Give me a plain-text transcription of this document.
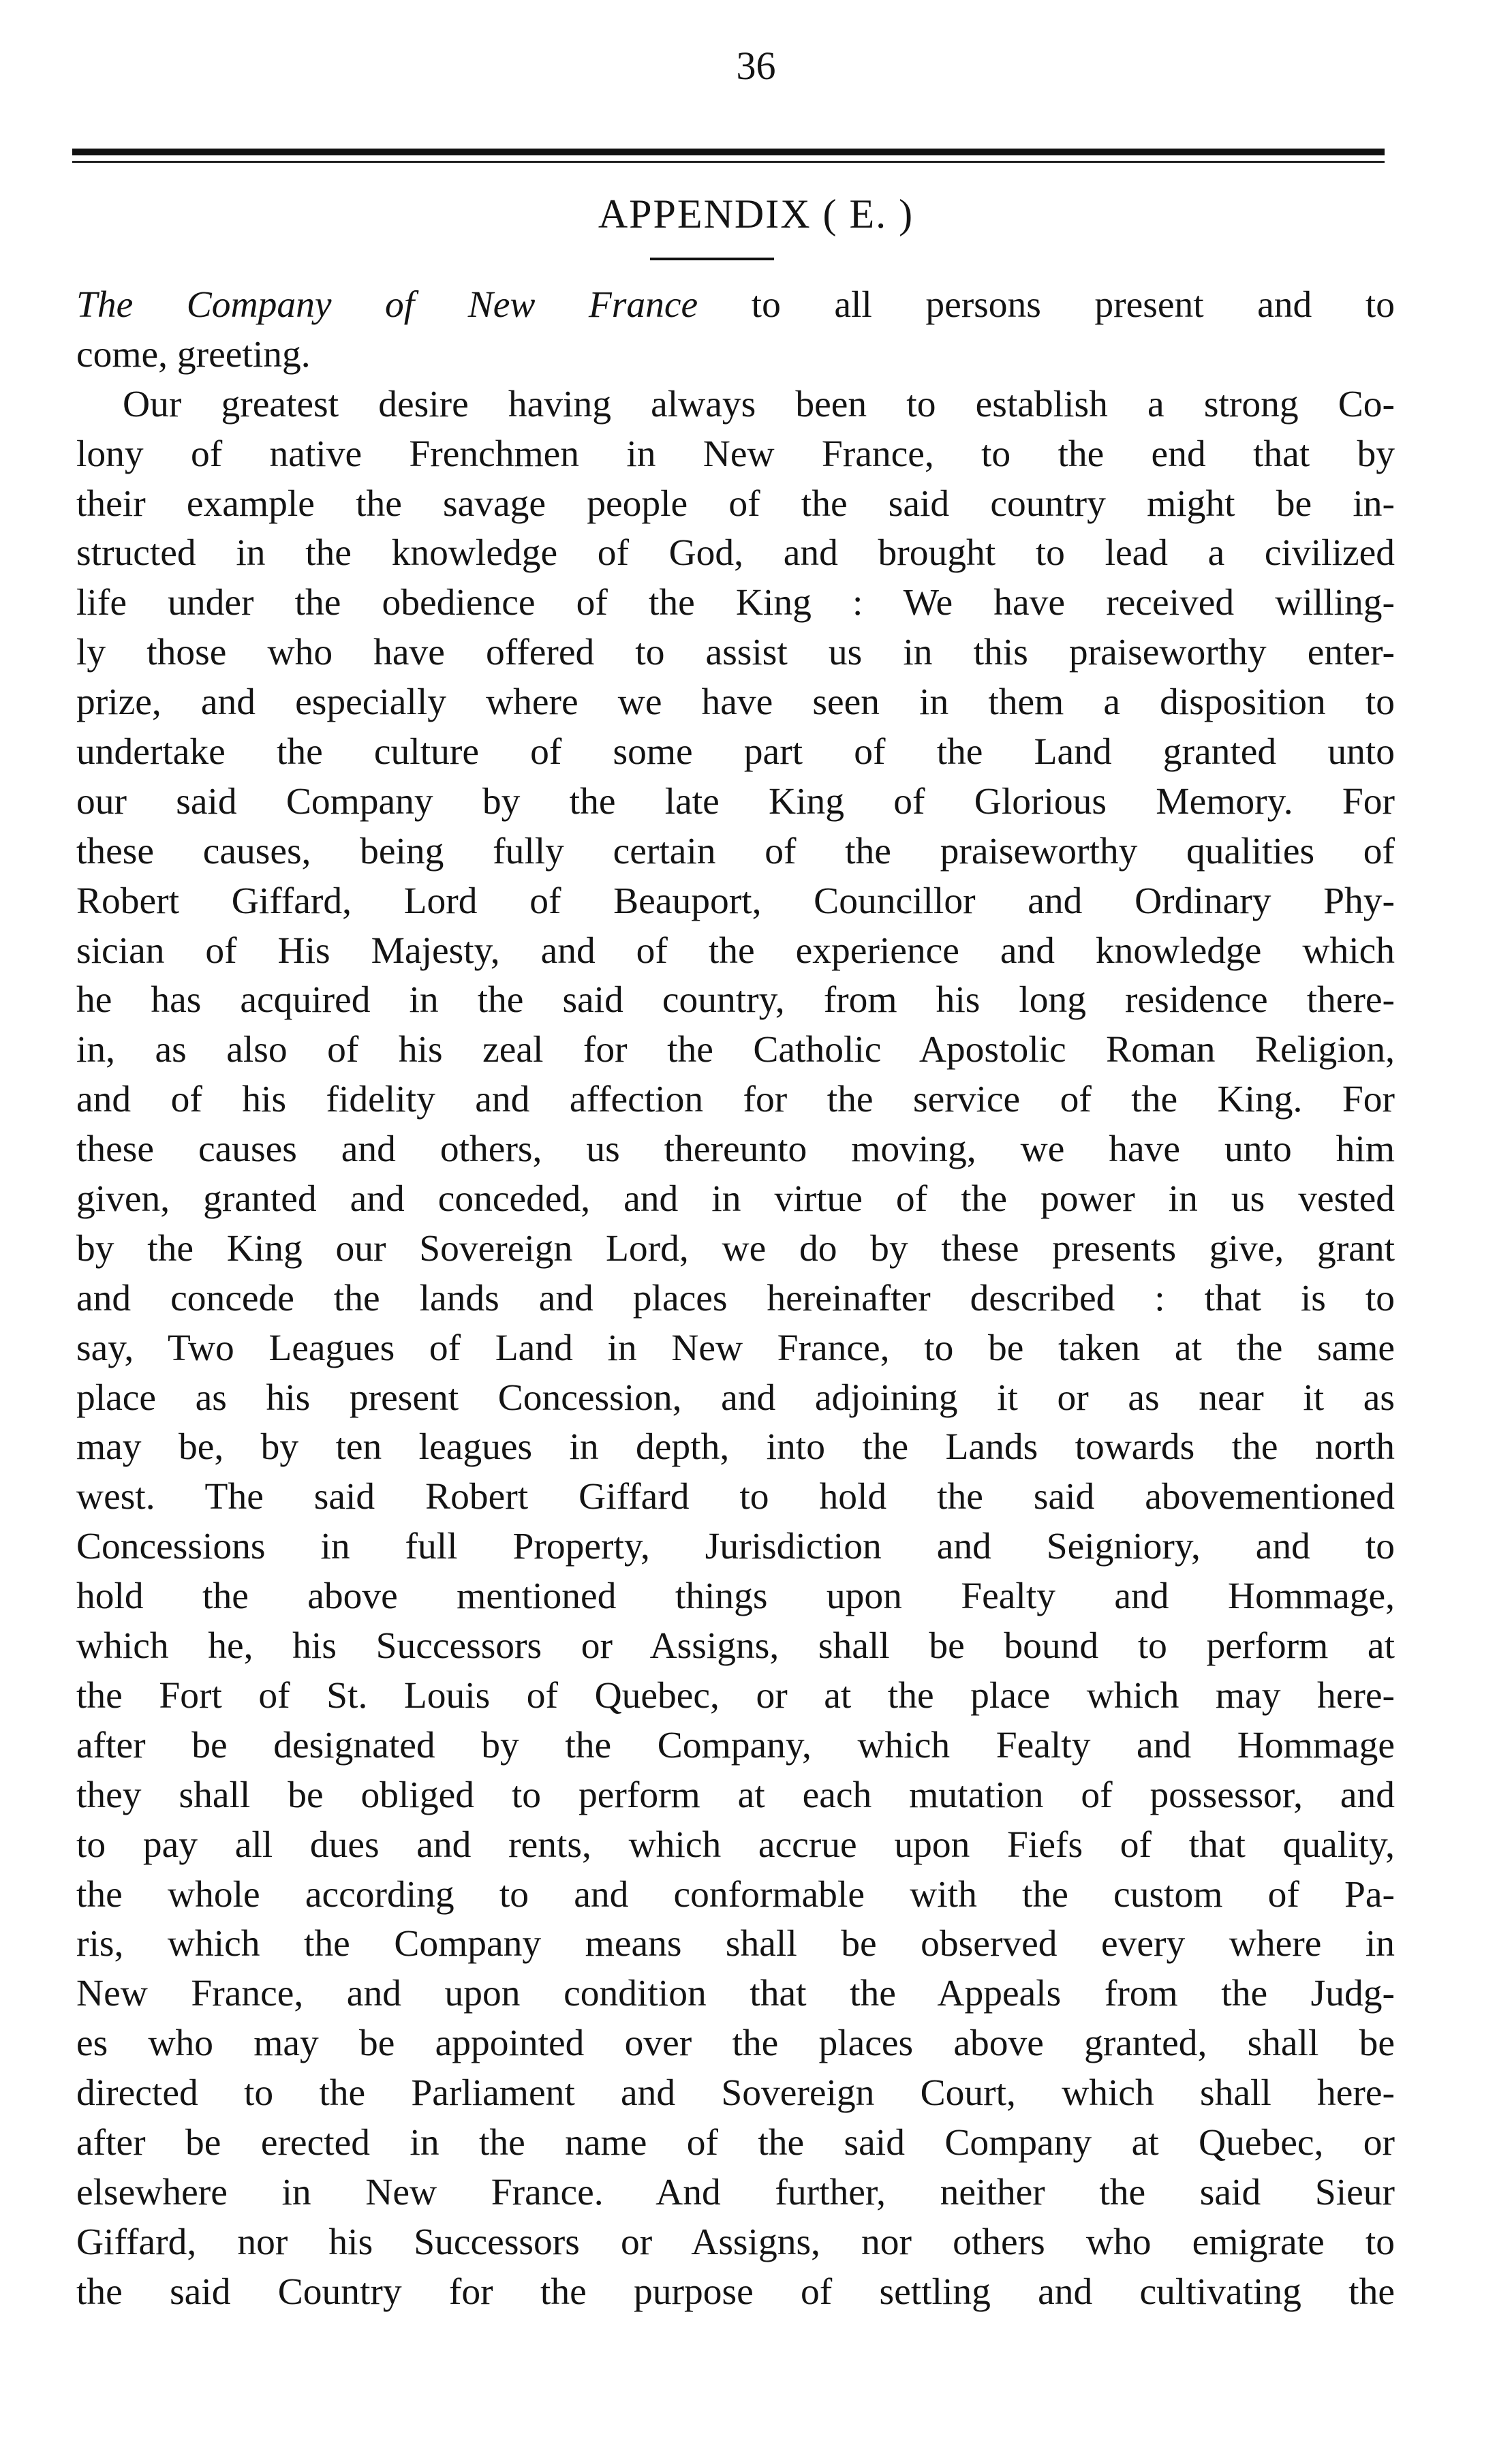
36
APPENDIX ( E. )
The Company of New France to all persons present and to
come, greeting.
Our greatest desire having always been to establish a strong Co-
lony of native Frenchmen in New France, to the end that by
their example the savage people of the said country might be in-
structed in the knowledge of God, and brought to lead a civilized
life under the obedience of the King : We have received willing-
ly those who have offered to assist us in this praiseworthy enter-
prize, and especially where we have seen in them a disposition to
undertake the culture of some part of the Land granted unto
our said Company by the late King of Glorious Memory. For
these causes, being fully certain of the praiseworthy qualities of
Robert Giffard, Lord of Beauport, Councillor and Ordinary Phy-
sician of His Majesty, and of the experience and knowledge which
he has acquired in the said country, from his long residence there-
in, as also of his zeal for the Catholic Apostolic Roman Religion,
and of his fidelity and affection for the service of the King. For
these causes and others, us thereunto moving, we have unto him
given, granted and conceded, and in virtue of the power in us vested
by the King our Sovereign Lord, we do by these presents give, grant
and concede the lands and places hereinafter described : that is to
say, Two Leagues of Land in New France, to be taken at the same
place as his present Concession, and adjoining it or as near it as
may be, by ten leagues in depth, into the Lands towards the north
west. The said Robert Giffard to hold the said abovementioned
Concessions in full Property, Jurisdiction and Seigniory, and to
hold the above mentioned things upon Fealty and Hommage,
which he, his Successors or Assigns, shall be bound to perform at
the Fort of St. Louis of Quebec, or at the place which may here-
after be designated by the Company, which Fealty and Hommage
they shall be obliged to perform at each mutation of possessor, and
to pay all dues and rents, which accrue upon Fiefs of that quality,
the whole according to and conformable with the custom of Pa-
ris, which the Company means shall be observed every where in
New France, and upon condition that the Appeals from the Judg-
es who may be appointed over the places above granted, shall be
directed to the Parliament and Sovereign Court, which shall here-
after be erected in the name of the said Company at Quebec, or
elsewhere in New France. And further, neither the said Sieur
Giffard, nor his Successors or Assigns, nor others who emigrate to
the said Country for the purpose of settling and cultivating the
